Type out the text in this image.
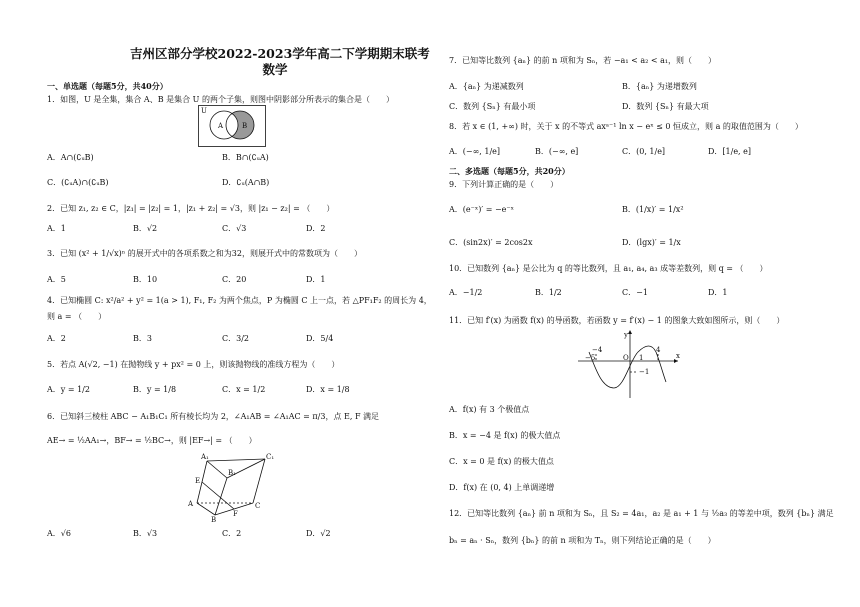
吉州区部分学校2022-2023学年高二下学期期末联考
数学
一、单选题（每题5分，共40分）
1．如图，U 是全集，集合 A、B 是集合 U 的两个子集，则图中阴影部分所表示的集合是（　　）
U
A	B
A．A∩(∁ᵤB)	B．B∩(∁ᵤA)
C．(∁ᵤA)∩(∁ᵤB)	D．∁ᵤ(A∩B)
2．已知 z₁, z₂ ∈ C，|z₁| = |z₂| = 1，|z₁ + z₂| = √3，则 |z₁ − z₂| = （　　）
A．1	B．√2	C．√3	D．2
3．已知 (x² + 1/√x)ⁿ 的展开式中的各项系数之和为32，则展开式中的常数项为（　　）
A．5	B．10	C．20	D．1
4．已知椭圆 C: x²/a² + y² = 1(a > 1), F₁, F₂ 为两个焦点，P 为椭圆 C 上一点，若 △PF₁F₂ 的周长为 4，
则 a = （　　）
A．2	B．3	C．3/2	D．5/4
5．若点 A(√2, −1) 在抛物线 y + px² = 0 上，则该抛物线的准线方程为（　　）
A．y = 1/2	B．y = 1/8	C．x = 1/2	D．x = 1/8
6．已知斜三棱柱 ABC − A₁B₁C₁ 所有棱长均为 2，∠A₁AB = ∠A₁AC = π/3，点 E, F 满足
AE→ = ½AA₁→，BF→ = ½BC→，则 |EF→| = （　　）
A₁	C₁
B₁
E
A
B
F
C
A．√6	B．√3	C．2	D．√2
7．已知等比数列 {aₙ} 的前 n 项和为 Sₙ，若 −a₁ < a₂ < a₁，则（　　）
A．{aₙ} 为递减数列	B．{aₙ} 为递增数列
C．数列 {Sₙ} 有最小项	D．数列 {Sₙ} 有最大项
8．若 x ∈ (1, +∞) 时，关于 x 的不等式 axᵃ⁻¹ ln x − eˣ ≤ 0 恒成立，则 a 的取值范围为（　　）
A．(−∞, 1/e]	B．(−∞, e]	C．(0, 1/e]	D．[1/e, e]
二、多选题（每题5分，共20分）
9．下列计算正确的是（　　）
A．(e⁻ˣ)′ = −e⁻ˣ	B．(1/x)′ = 1/x²
C．(sin2x)′ = 2cos2x	D．(lgx)′ = 1/x
10．已知数列 {aₙ} 是公比为 q 的等比数列，且 a₁, a₄, a₃ 成等差数列，则 q = （　　）
A．−1/2	B．1/2	C．−1	D．1
11．已知 f′(x) 为函数 f(x) 的导函数，若函数 y = f′(x) − 1 的图象大致如图所示，则（　　）
y
x
O
−5
−4	4
1
−1
A．f(x) 有 3 个极值点
B．x = −4 是 f(x) 的极大值点
C．x = 0 是 f(x) 的极大值点
D．f(x) 在 (0, 4) 上单调递增
12．已知等比数列 {aₙ} 前 n 项和为 Sₙ，且 S₂ = 4a₁，a₂ 是 a₁ + 1 与 ½a₃ 的等差中项，数列 {bₙ} 满足
bₙ = aₙ · Sₙ，数列 {bₙ} 的前 n 项和为 Tₙ，则下列结论正确的是（　　）
